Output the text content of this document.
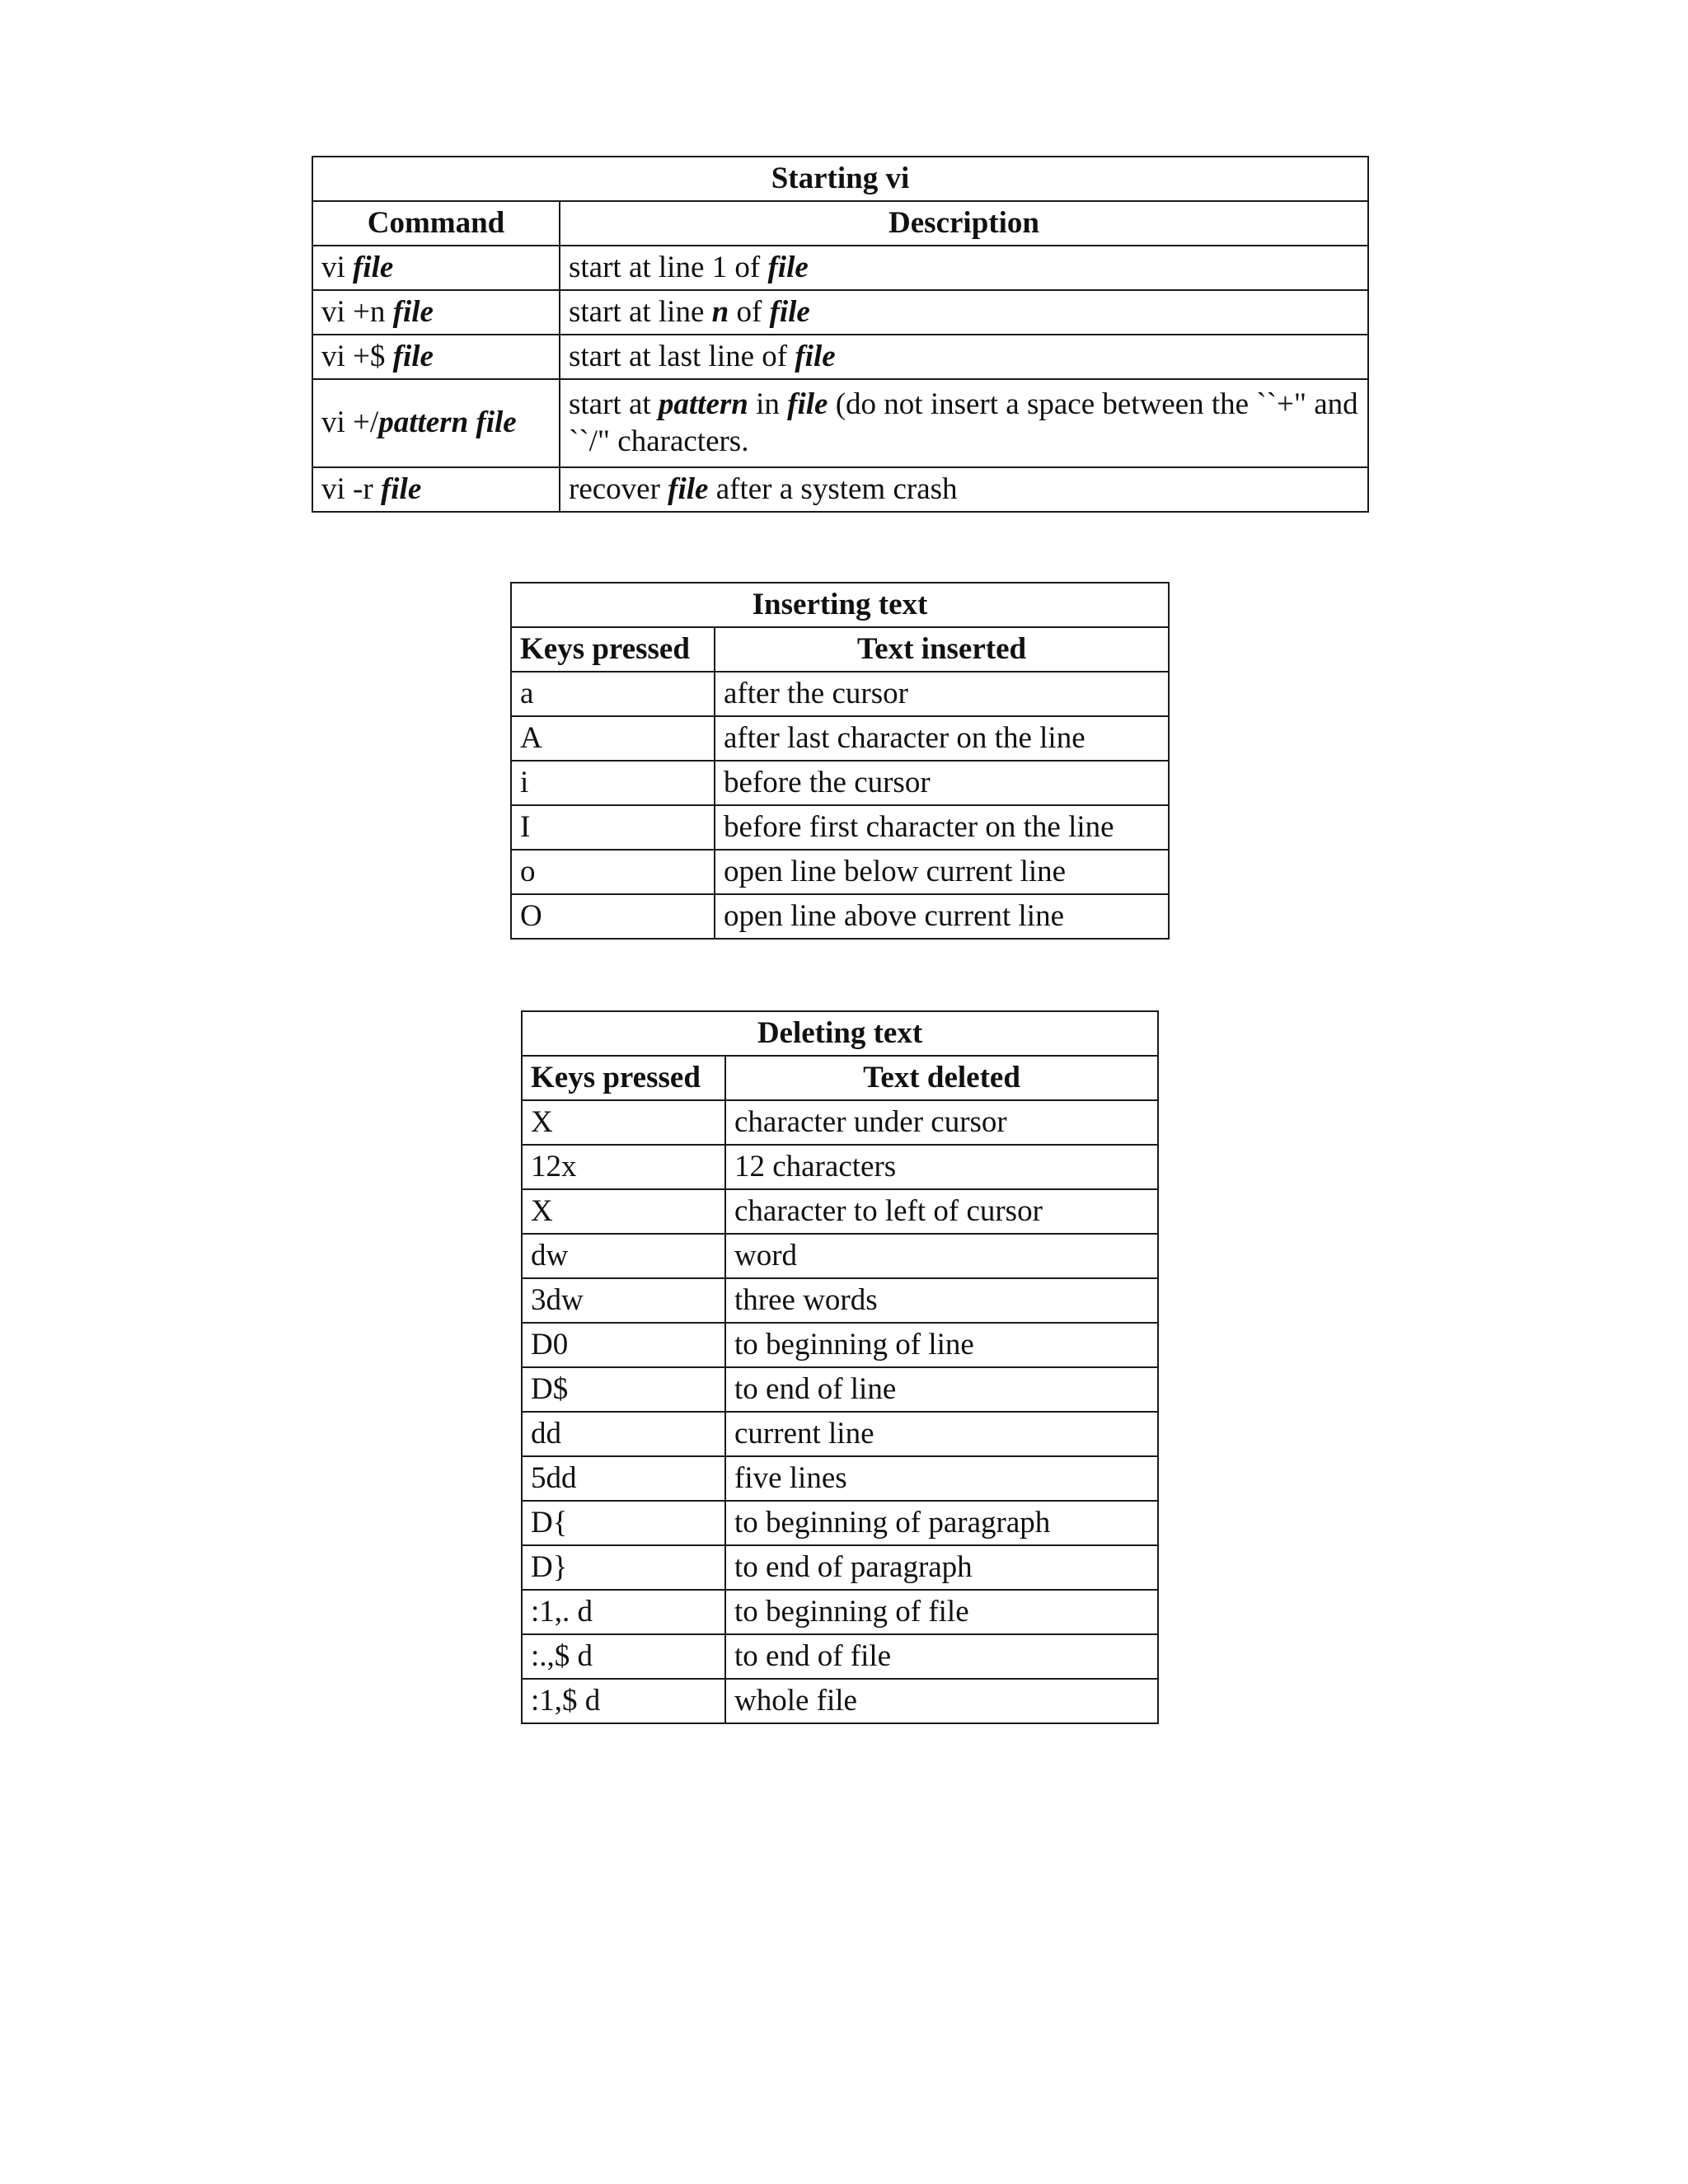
Starting vi	
Command	Description
vi file	start at line 1 of file
vi +n file	start at line n of file
vi +$ file	start at last line of file
vi +/pattern file	start at pattern in file (do not insert a space between the ``+" and ``/" characters.
vi -r file	recover file after a system crash
Inserting text	
Keys pressed	Text inserted
a	after the cursor
A	after last character on the line
i	before the cursor
I	before first character on the line
o	open line below current line
O	open line above current line
Deleting text	
Keys pressed	Text deleted
X	character under cursor
12x	12 characters
X	character to left of cursor
dw	word
3dw	three words
D0	to beginning of line
D$	to end of line
dd	current line
5dd	five lines
D{	to beginning of paragraph
D}	to end of paragraph
:1,. d	to beginning of file
:.,$ d	to end of file
:1,$ d	whole file
